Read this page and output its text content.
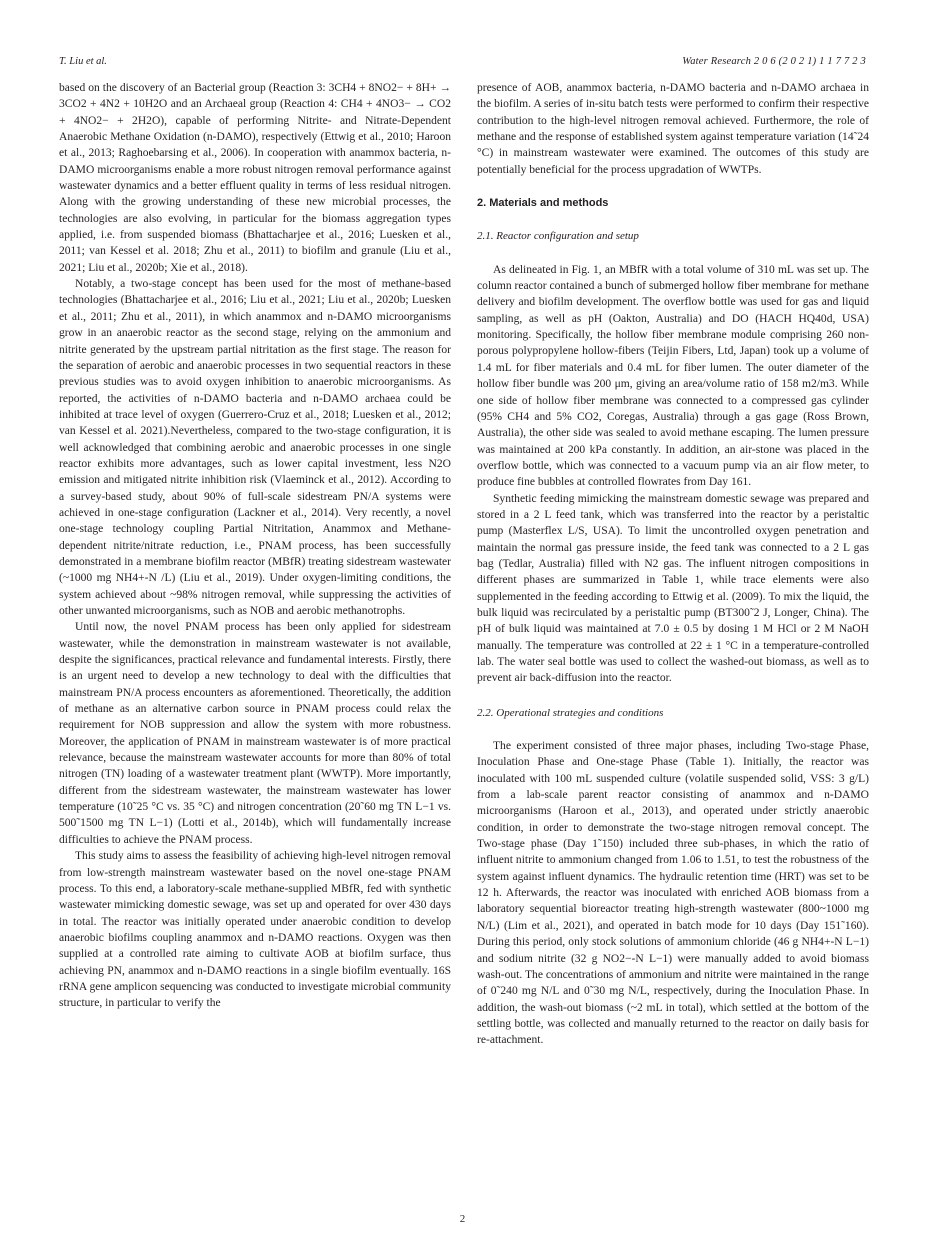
T. Liu et al.	Water Research 2 0 6 (2 0 2 1) 1 1 7 7 2 3

based on the discovery of an Bacterial group (Reaction 3: 3CH4 + 8NO2− + 8H+ → 3CO2 + 4N2 + 10H2O and an Archaeal group (Reaction 4: CH4 + 4NO3− → CO2 + 4NO2− + 2H2O), capable of performing Nitrite- and Nitrate-Dependent Anaerobic Methane Oxidation (n-DAMO), respectively (Ettwig et al., 2010; Haroon et al., 2013; Raghoebarsing et al., 2006). In cooperation with anammox bacteria, n-DAMO microorganisms enable a more robust nitrogen removal performance against wastewater dynamics and a better effluent quality in terms of less residual nitrogen. Along with the growing understanding of these new microbial processes, the technologies are also evolving, in particular for the biomass aggregation types applied, i.e. from suspended biomass (Bhattacharjee et al., 2016; Luesken et al., 2011; van Kessel et al. 2018; Zhu et al., 2011) to biofilm and granule (Liu et al., 2021; Liu et al., 2020b; Xie et al., 2018).

Notably, a two-stage concept has been used for the most of methane-based technologies (Bhattacharjee et al., 2016; Liu et al., 2021; Liu et al., 2020b; Luesken et al., 2011; Zhu et al., 2011), in which anammox and n-DAMO microorganisms grow in an anaerobic reactor as the second stage, relying on the ammonium and nitrite generated by the upstream partial nitritation as the first stage. The reason for the separation of aerobic and anaerobic processes in two sequential reactors in these previous studies was to avoid oxygen inhibition to anaerobic microorganisms. As reported, the activities of n-DAMO bacteria and n-DAMO archaea could be inhibited at trace level of oxygen (Guerrero-Cruz et al., 2018; Luesken et al., 2012; van Kessel et al. 2021).Nevertheless, compared to the two-stage configuration, it is well acknowledged that combining aerobic and anaerobic processes in one single reactor exhibits more advantages, such as lower capital investment, less N2O emission and mitigated nitrite inhibition risk (Vlaeminck et al., 2012). According to a survey-based study, about 90% of full-scale sidestream PN/A systems were achieved in one-stage configuration (Lackner et al., 2014). Very recently, a novel one-stage technology coupling Partial Nitritation, Anammox and Methane-dependent nitrite/nitrate reduction, i.e., PNAM process, has been successfully demonstrated in a membrane biofilm reactor (MBfR) treating sidestream wastewater (~1000 mg NH4+-N /L) (Liu et al., 2019). Under oxygen-limiting conditions, the system achieved about ~98% nitrogen removal, while suppressing the activities of other unwanted microorganisms, such as NOB and aerobic methanotrophs.

Until now, the novel PNAM process has been only applied for sidestream wastewater, while the demonstration in mainstream wastewater is not available, despite the significances, practical relevance and fundamental interests. Firstly, there is an urgent need to develop a new technology to deal with the difficulties that mainstream PN/A process encounters as aforementioned. Theoretically, the addition of methane as an alternative carbon source in PNAM process could relax the requirement for NOB suppression and allow the system with more robustness. Moreover, the application of PNAM in mainstream wastewater is of more practical relevance, because the mainstream wastewater accounts for more than 80% of total nitrogen (TN) loading of a wastewater treatment plant (WWTP). More importantly, different from the sidestream wastewater, the mainstream wastewater has lower temperature (10˜25 °C vs. 35 °C) and nitrogen concentration (20˜60 mg TN L−1 vs. 500˜1500 mg TN L−1) (Lotti et al., 2014b), which will fundamentally increase difficulties to achieve the PNAM process.

This study aims to assess the feasibility of achieving high-level nitrogen removal from low-strength mainstream wastewater based on the novel one-stage PNAM process. To this end, a laboratory-scale methane-supplied MBfR, fed with synthetic wastewater mimicking domestic sewage, was set up and operated for over 430 days in total. The reactor was initially operated under anaerobic condition to develop anaerobic biofilms coupling anammox and n-DAMO reactions. Oxygen was then supplied at a controlled rate aiming to cultivate AOB at biofilm surface, thus achieving PN, anammox and n-DAMO reactions in a single biofilm eventually. 16S rRNA gene amplicon sequencing was conducted to investigate microbial community structure, in particular to verify the

presence of AOB, anammox bacteria, n-DAMO bacteria and n-DAMO archaea in the biofilm. A series of in-situ batch tests were performed to confirm their respective contribution to the high-level nitrogen removal achieved. Furthermore, the role of methane and the response of established system against temperature variation (14˜24 °C) in mainstream wastewater were examined. The outcomes of this study are potentially beneficial for the process upgradation of WWTPs.

2. Materials and methods
2.1. Reactor configuration and setup

As delineated in Fig. 1, an MBfR with a total volume of 310 mL was set up. The column reactor contained a bunch of submerged hollow fiber membrane for methane delivery and biofilm development. The overflow bottle was used for gas and liquid sampling, as well as pH (Oakton, Australia) and DO (HACH HQ40d, USA) monitoring. Specifically, the hollow fiber membrane module comprising 260 non-porous polypropylene hollow-fibers (Teijin Fibers, Ltd, Japan) took up a volume of 1.4 mL for fiber materials and 0.4 mL for fiber lumen. The outer diameter of the hollow fiber bundle was 200 μm, giving an area/volume ratio of 158 m2/m3. While one side of hollow fiber membrane was connected to a compressed gas cylinder (95% CH4 and 5% CO2, Coregas, Australia) through a gas gage (Ross Brown, Australia), the other side was sealed to avoid methane escaping. The lumen pressure was maintained at 200 kPa constantly. In addition, an air-stone was placed in the overflow bottle, which was connected to a vacuum pump via an air flow meter, to produce fine bubbles at controlled flowrates from Day 161.

Synthetic feeding mimicking the mainstream domestic sewage was prepared and stored in a 2 L feed tank, which was transferred into the reactor by a peristaltic pump (Masterflex L/S, USA). To limit the uncontrolled oxygen penetration and maintain the normal gas pressure inside, the feed tank was connected to a 2 L gas bag (Tedlar, Australia) filled with N2 gas. The influent nitrogen compositions in different phases are summarized in Table 1, while trace elements were also supplemented in the feeding according to Ettwig et al. (2009). To mix the liquid, the bulk liquid was recirculated by a peristaltic pump (BT300˜2 J, Longer, China). The pH of bulk liquid was maintained at 7.0 ± 0.5 by dosing 1 M HCl or 2 M NaOH manually. The temperature was controlled at 22 ± 1 °C in a temperature-controlled lab. The water seal bottle was used to collect the washed-out biomass, as well as to prevent air back-diffusion into the reactor.

2.2. Operational strategies and conditions

The experiment consisted of three major phases, including Two-stage Phase, Inoculation Phase and One-stage Phase (Table 1). Initially, the reactor was inoculated with 100 mL suspended culture (volatile suspended solid, VSS: 3 g/L) from a lab-scale parent reactor consisting of anammox and n-DAMO microorganisms (Haroon et al., 2013), and operated under strictly anaerobic condition, in order to demonstrate the two-stage nitrogen removal concept. The Two-stage phase (Day 1˜150) included three sub-phases, in which the ratio of influent nitrite to ammonium changed from 1.06 to 1.51, to test the robustness of the system against influent dynamics. The hydraulic retention time (HRT) was set to be 12 h. Afterwards, the reactor was inoculated with enriched AOB biomass from a laboratory sequential bioreactor treating high-strength wastewater (800~1000 mg N/L) (Lim et al., 2021), and operated in batch mode for 10 days (Day 151˜160). During this period, only stock solutions of ammonium chloride (46 g NH4+-N L−1) and sodium nitrite (32 g NO2−-N L−1) were manually added to avoid biomass wash-out. The concentrations of ammonium and nitrite were maintained in the range of 0˜240 mg N/L and 0˜30 mg N/L, respectively, during the Inoculation Phase. In addition, the wash-out biomass (~2 mL in total), which settled at the bottom of the settling bottle, was collected and manually returned to the reactor on daily basis for re-attachment.

2
